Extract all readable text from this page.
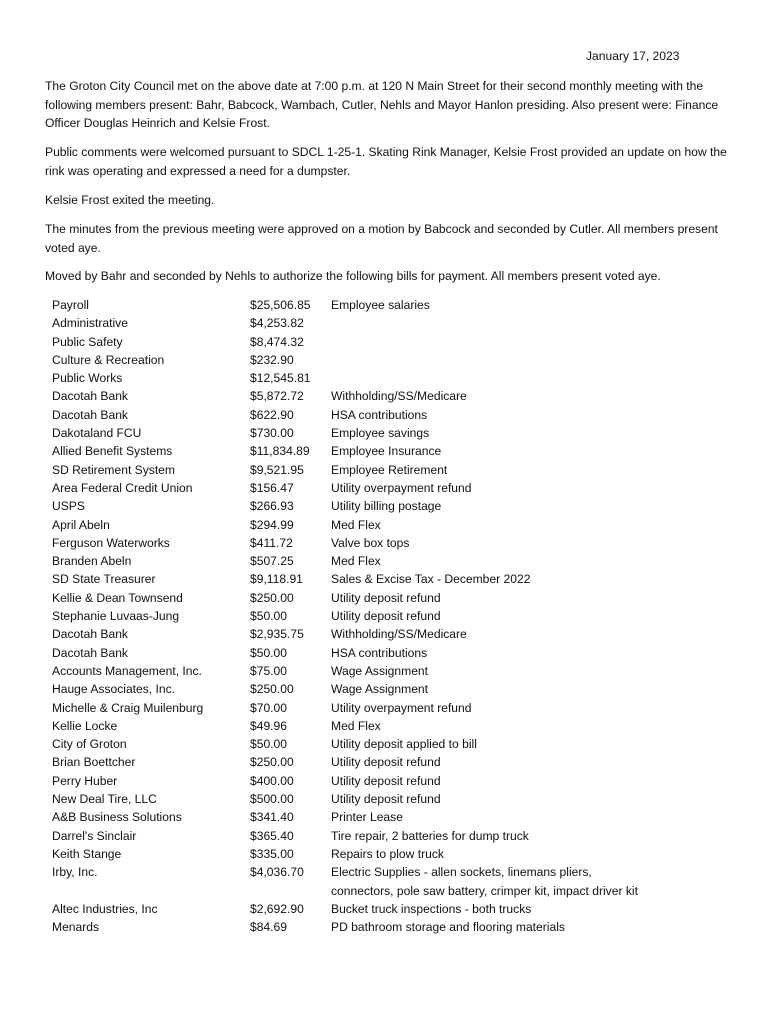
January 17, 2023

The Groton City Council met on the above date at 7:00 p.m. at 120 N Main Street for their second monthly meeting with the following members present: Bahr, Babcock, Wambach, Cutler, Nehls and Mayor Hanlon presiding. Also present were: Finance Officer Douglas Heinrich and Kelsie Frost.

Public comments were welcomed pursuant to SDCL 1-25-1. Skating Rink Manager, Kelsie Frost provided an update on how the rink was operating and expressed a need for a dumpster.

Kelsie Frost exited the meeting.

The minutes from the previous meeting were approved on a motion by Babcock and seconded by Cutler. All members present voted aye.

Moved by Bahr and seconded by Nehls to authorize the following bills for payment. All members present voted aye.

Payroll	$25,506.85	Employee salaries
Administrative	$4,253.82
Public Safety	$8,474.32
Culture & Recreation	$232.90
Public Works	$12,545.81
Dacotah Bank	$5,872.72	Withholding/SS/Medicare
Dacotah Bank	$622.90	HSA contributions
Dakotaland FCU	$730.00	Employee savings
Allied Benefit Systems	$11,834.89	Employee Insurance
SD Retirement System	$9,521.95	Employee Retirement
Area Federal Credit Union	$156.47	Utility overpayment refund
USPS	$266.93	Utility billing postage
April Abeln	$294.99	Med Flex
Ferguson Waterworks	$411.72	Valve box tops
Branden Abeln	$507.25	Med Flex
SD State Treasurer	$9,118.91	Sales & Excise Tax - December 2022
Kellie & Dean Townsend	$250.00	Utility deposit refund
Stephanie Luvaas-Jung	$50.00	Utility deposit refund
Dacotah Bank	$2,935.75	Withholding/SS/Medicare
Dacotah Bank	$50.00	HSA contributions
Accounts Management, Inc.	$75.00	Wage Assignment
Hauge Associates, Inc.	$250.00	Wage Assignment
Michelle & Craig Muilenburg	$70.00	Utility overpayment refund
Kellie Locke	$49.96	Med Flex
City of Groton	$50.00	Utility deposit applied to bill
Brian Boettcher	$250.00	Utility deposit refund
Perry Huber	$400.00	Utility deposit refund
New Deal Tire, LLC	$500.00	Utility deposit refund
A&B Business Solutions	$341.40	Printer Lease
Darrel's Sinclair	$365.40	Tire repair, 2 batteries for dump truck
Keith Stange	$335.00	Repairs to plow truck
Irby, Inc.	$4,036.70	Electric Supplies - allen sockets, linemans pliers, connectors, pole saw battery, crimper kit, impact driver kit
Altec Industries, Inc	$2,692.90	Bucket truck inspections - both trucks
Menards	$84.69	PD bathroom storage and flooring materials
